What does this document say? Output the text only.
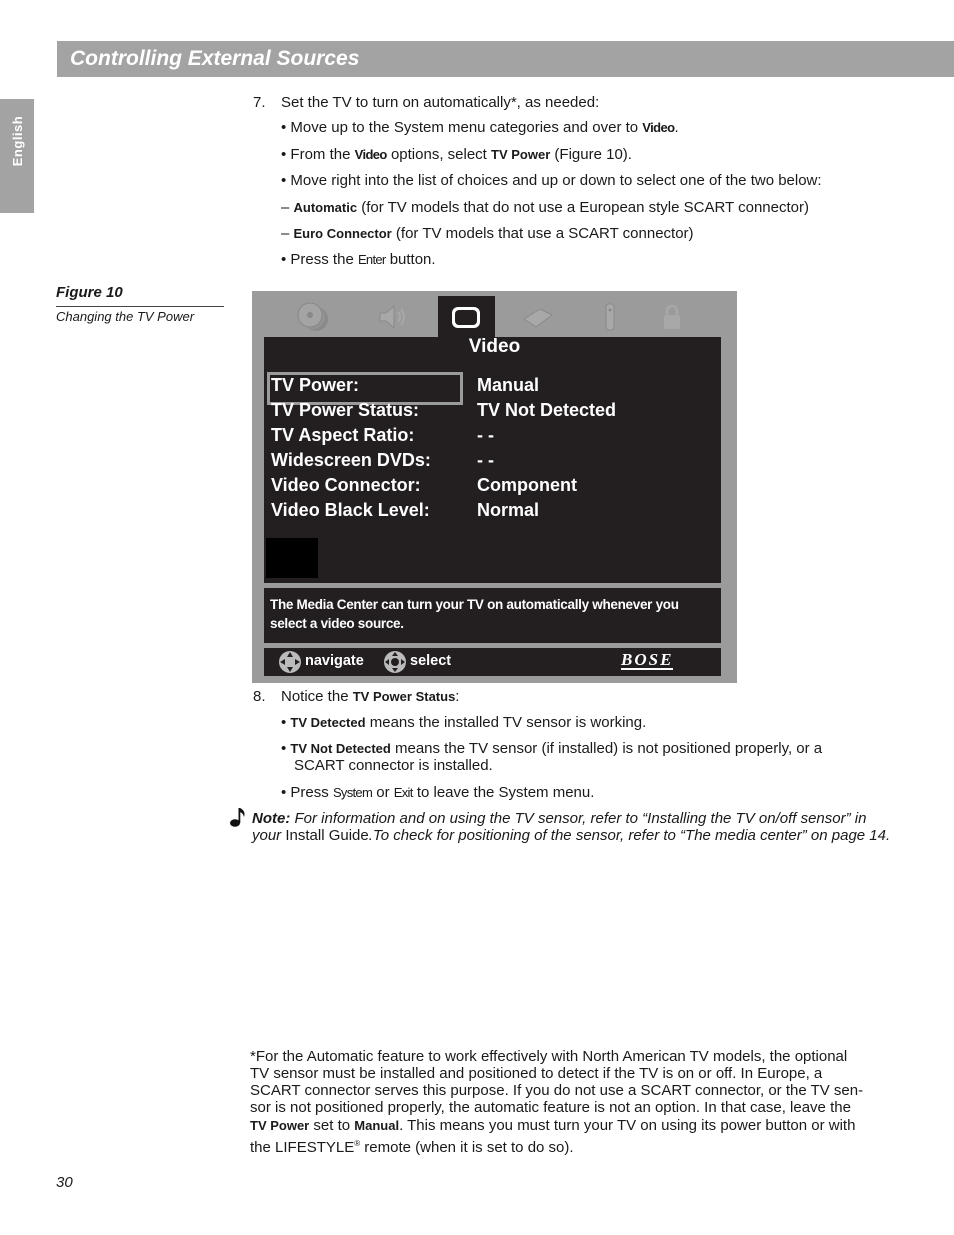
Controlling External Sources
English
7. Set the TV to turn on automatically*, as needed:
• Move up to the System menu categories and over to Video.
• From the Video options, select TV Power (Figure 10).
• Move right into the list of choices and up or down to select one of the two below:
– Automatic (for TV models that do not use a European style SCART connector)
– Euro Connector (for TV models that use a SCART connector)
• Press the Enter button.
Figure 10
Changing the TV Power
Video
TV Power:	Manual
TV Power Status:	TV Not Detected
TV Aspect Ratio:	- -
Widescreen DVDs:	- -
Video Connector:	Component
Video Black Level:	Normal
The Media Center can turn your TV on automatically whenever you select a video source.
navigate	select	BOSE
8. Notice the TV Power Status:
• TV Detected means the installed TV sensor is working.
• TV Not Detected means the TV sensor (if installed) is not positioned properly, or a
SCART connector is installed.
• Press System or Exit to leave the System menu.
Note: For information and on using the TV sensor, refer to “Installing the TV on/off sensor” in
your Install Guide.To check for positioning of the sensor, refer to “The media center” on page 14.
*For the Automatic feature to work effectively with North American TV models, the optional
TV sensor must be installed and positioned to detect if the TV is on or off. In Europe, a
SCART connector serves this purpose. If you do not use a SCART connector, or the TV sen-
sor is not positioned properly, the automatic feature is not an option. In that case, leave the
TV Power set to Manual. This means you must turn your TV on using its power button or with
the LIFESTYLE® remote (when it is set to do so).
30
